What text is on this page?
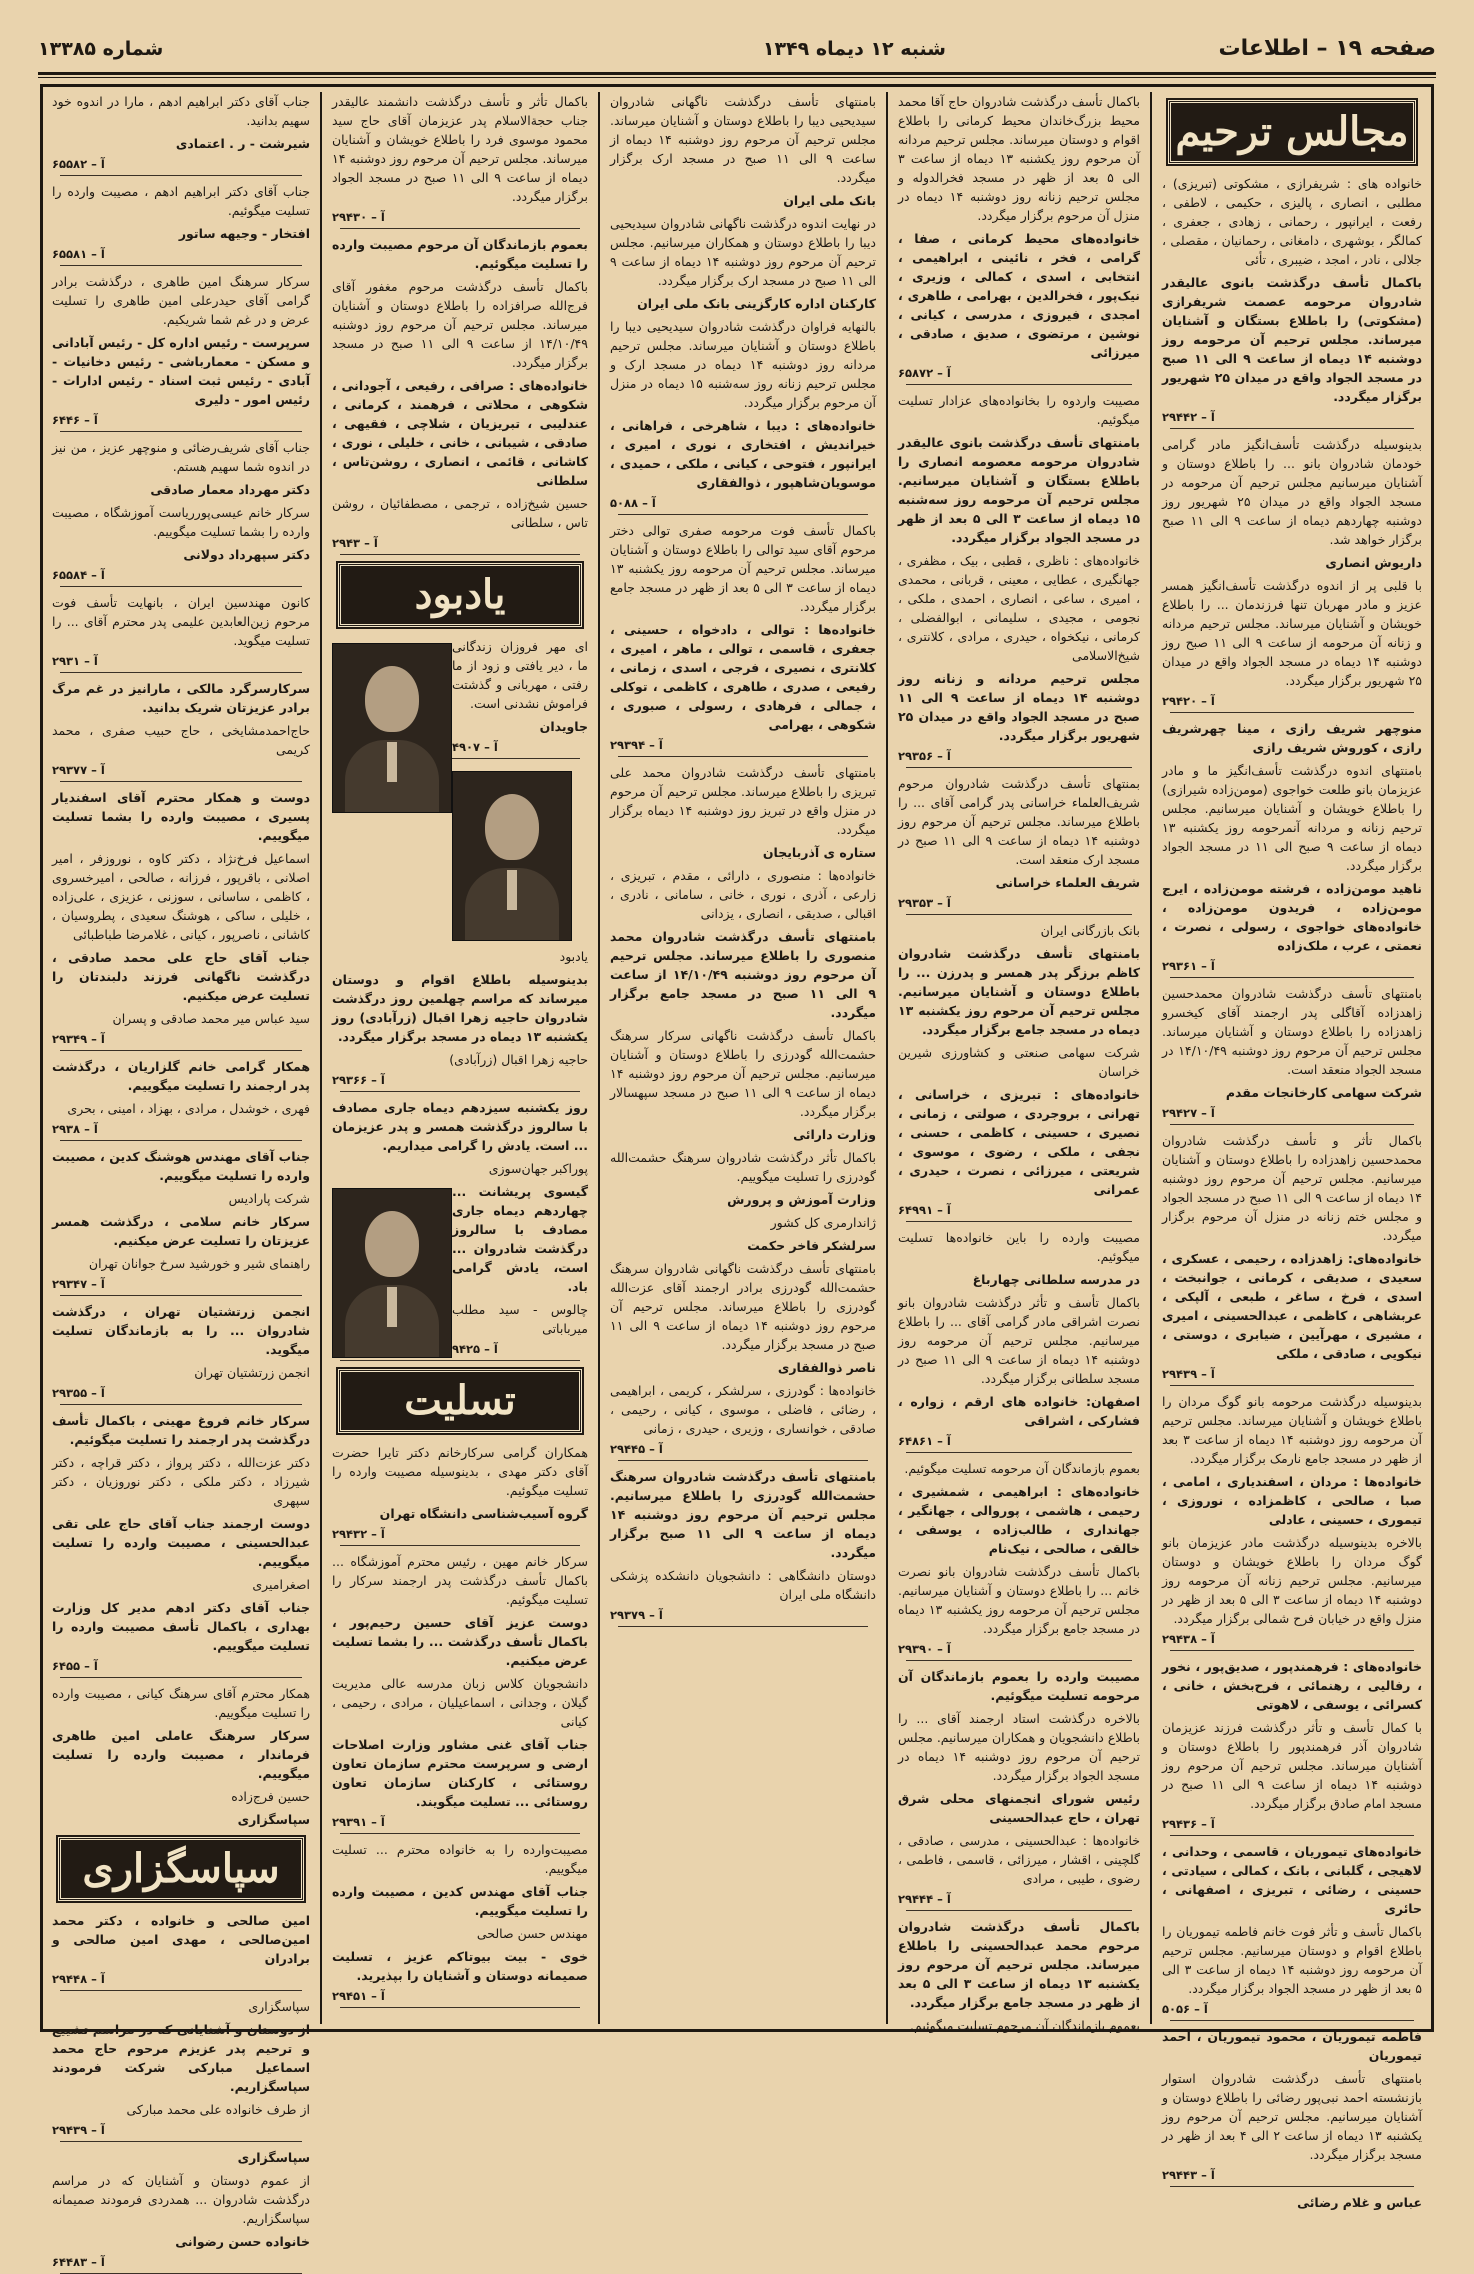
صفحه ۱۹ – اطلاعات
شنبه ۱۲ دیماه ۱۳۴۹
شماره ۱۳۳۸۵
مجالس ترحیم
خانواده های : شریفرازی ، مشکوتی (تبریزی) ، مطلبی ، انصاری ، پالیزی ، حکیمی ، لاطفی ، رفعت ، ایرانپور ، رحمانی ، زهادی ، جعفری ، کمالگر ، بوشهری ، دامغانی ، رحمانیان ، مقصلی ، جلالی ، نادر ، امجد ، ضیبری ، تأئی
باکمال تأسف درگذشت بانوی عالیقدر شادروان مرحومه عصمت شریفرازی (مشکوتی) را باطلاع بستگان و آشنایان میرساند. مجلس ترحیم آن مرحومه روز دوشنبه ۱۴ دیماه از ساعت ۹ الی ۱۱ صبح در مسجد الجواد واقع در میدان ۲۵ شهریور برگزار میگردد.
آ – ۲۹۴۴۲
بدینوسیله درگذشت تأسف‌انگیز مادر گرامی خودمان شادروان بانو ... را باطلاع دوستان و آشنایان میرسانیم مجلس ترحیم آن مرحومه در مسجد الجواد واقع در میدان ۲۵ شهریور روز دوشنبه چهاردهم دیماه از ساعت ۹ الی ۱۱ صبح برگزار خواهد شد.
داریوش انصاری
با قلبی پر از اندوه درگذشت تأسف‌انگیز همسر عزیز و مادر مهربان تنها فرزندمان ... را باطلاع خویشان و آشنایان میرساند. مجلس ترحیم مردانه و زنانه آن مرحومه از ساعت ۹ الی ۱۱ صبح روز دوشنبه ۱۴ دیماه در مسجد الجواد واقع در میدان ۲۵ شهریور برگزار میگردد.
آ – ۲۹۴۲۰
منوچهر شریف رازی ، مینا چهرشریف رازی ، کوروش شریف رازی
بامنتهای اندوه درگذشت تأسف‌انگیز ما و مادر عزیزمان بانو طلعت خواجوی (مومن‌زاده شیرازی) را باطلاع خویشان و آشنایان میرسانیم. مجلس ترحیم زنانه و مردانه آنمرحومه روز یکشنبه ۱۳ دیماه از ساعت ۹ صبح الی ۱۱ در مسجد الجواد برگزار میگردد.
ناهید مومن‌زاده ، فرشته مومن‌زاده ، ایرج مومن‌زاده ، فریدون مومن‌زاده ، خانواده‌های خواجوی ، رسولی ، نصرت ، نعمتی ، عرب ، ملک‌زاده
آ – ۲۹۳۶۱
بامنتهای تأسف درگذشت شادروان محمدحسین زاهدزاده آقاگلی پدر ارجمند آقای کیخسرو زاهدزاده را باطلاع دوستان و آشنایان میرساند. مجلس ترحیم آن مرحوم روز دوشنبه ۱۴/۱۰/۴۹ در مسجد الجواد منعقد است.
شرکت سهامی کارخانجات مقدم
آ – ۲۹۴۲۷
باکمال تأثر و تأسف درگذشت شادروان محمدحسین زاهدزاده را باطلاع دوستان و آشنایان میرسانیم. مجلس ترحیم آن مرحوم روز دوشنبه ۱۴ دیماه از ساعت ۹ الی ۱۱ صبح در مسجد الجواد و مجلس ختم زنانه در منزل آن مرحوم برگزار میگردد.
خانواده‌های: زاهدزاده ، رحیمی ، عسکری ، سعیدی ، صدیقی ، کرمانی ، جوانبخت ، اسدی ، فرخ ، ساغر ، طبعی ، آلپکی ، عربشاهی ، کاظمی ، عبدالحسینی ، امیری ، مشیری ، مهرآیین ، ضیابری ، دوستی ، نیکویی ، صادقی ، ملکی
آ – ۲۹۴۳۹
بدینوسیله درگذشت مرحومه بانو گوگ مردان را باطلاع خویشان و آشنایان میرساند. مجلس ترحیم آن مرحومه روز دوشنبه ۱۴ دیماه از ساعت ۳ بعد از ظهر در مسجد جامع نارمک برگزار میگردد.
خانواده‌ها : مردان ، اسفندیاری ، امامی ، صبا ، صالحی ، کاظمزاده ، نوروزی ، تیموری ، حسینی ، عادلی
بالاخره بدینوسیله درگذشت مادر عزیزمان بانو گوگ مردان را باطلاع خویشان و دوستان میرسانیم. مجلس ترحیم زنانه آن مرحومه روز دوشنبه ۱۴ دیماه از ساعت ۳ الی ۵ بعد از ظهر در منزل واقع در خیابان فرح شمالی برگزار میگردد.
آ – ۲۹۴۳۸
خانواده‌های : فرهمندپور ، صدیق‌پور ، نخور ، رفالیی ، رهنمائی ، فرح‌بخش ، خانی ، کسرائی ، یوسفی ، لاهوتی
با کمال تأسف و تأثر درگذشت فرزند عزیزمان شادروان آذر فرهمندپور را باطلاع دوستان و آشنایان میرساند. مجلس ترحیم آن مرحوم روز دوشنبه ۱۴ دیماه از ساعت ۹ الی ۱۱ صبح در مسجد امام صادق برگزار میگردد.
آ – ۲۹۴۳۶
خانواده‌های تیموریان ، قاسمی ، وحدانی ، لاهیجی ، گلبانی ، بانک ، کمالی ، سیادتی ، حسینی ، رضائی ، تبریزی ، اصفهانی ، حائری
باکمال تأسف و تأثر فوت خانم فاطمه تیموریان را باطلاع اقوام و دوستان میرسانیم. مجلس ترحیم آن مرحومه روز دوشنبه ۱۴ دیماه از ساعت ۳ الی ۵ بعد از ظهر در مسجد الجواد برگزار میگردد.
آ – ۵۰۵۶
فاطمه تیموریان ، محمود تیموریان ، احمد تیموریان
بامنتهای تأسف درگذشت شادروان استوار بازنشسته احمد نبی‌پور رضائی را باطلاع دوستان و آشنایان میرسانیم. مجلس ترحیم آن مرحوم روز یکشنبه ۱۳ دیماه از ساعت ۲ الی ۴ بعد از ظهر در مسجد برگزار میگردد.
آ – ۲۹۴۴۳
عباس و غلام رضائی
باکمال تأسف درگذشت شادروان حاج آقا محمد محیط بزرگ‌خاندان محیط کرمانی را باطلاع اقوام و دوستان میرساند. مجلس ترحیم مردانه آن مرحوم روز یکشنبه ۱۳ دیماه از ساعت ۳ الی ۵ بعد از ظهر در مسجد فخرالدوله و مجلس ترحیم زنانه روز دوشنبه ۱۴ دیماه در منزل آن مرحوم برگزار میگردد.
خانواده‌های محیط کرمانی ، صفا ، گرامی ، فخر ، نائینی ، ابراهیمی ، انتخابی ، اسدی ، کمالی ، وزیری ، نیک‌پور ، فخرالدین ، بهرامی ، طاهری ، امجدی ، فیروزی ، مدرسی ، کیانی ، نوشین ، مرتضوی ، صدیق ، صادقی ، میرزائی
آ – ۶۵۸۷۲
مصیبت واردوه را بخانواده‌های عزادار تسلیت میگوئیم.
بامنتهای تأسف درگذشت بانوی عالیقدر شادروان مرحومه معصومه انصاری را باطلاع بستگان و آشنایان میرسانیم. مجلس ترحیم آن مرحومه روز سه‌شنبه ۱۵ دیماه از ساعت ۳ الی ۵ بعد از ظهر در مسجد الجواد برگزار میگردد.
خانواده‌های : ناظری ، قطبی ، بیک ، مظفری ، جهانگیری ، عطایی ، معینی ، قربانی ، محمدی ، امیری ، ساعی ، انصاری ، احمدی ، ملکی ، نجومی ، مجیدی ، سلیمانی ، ابوالفضلی ، کرمانی ، نیکخواه ، حیدری ، مرادی ، کلانتری ، شیخ‌الاسلامی
مجلس ترحیم مردانه و زنانه روز دوشنبه ۱۴ دیماه از ساعت ۹ الی ۱۱ صبح در مسجد الجواد واقع در میدان ۲۵ شهریور برگزار میگردد.
آ – ۲۹۳۵۶
بمنتهای تأسف درگذشت شادروان مرحوم شریف‌العلماء خراسانی پدر گرامی آقای ... را باطلاع میرساند. مجلس ترحیم آن مرحوم روز دوشنبه ۱۴ دیماه از ساعت ۹ الی ۱۱ صبح در مسجد ارک منعقد است.
شریف العلماء خراسانی
آ – ۲۹۳۵۳
بانک بازرگانی ایران
بامنتهای تأسف درگذشت شادروان کاظم برزگر پدر همسر و پدرزن ... را باطلاع دوستان و آشنایان میرسانیم. مجلس ترحیم آن مرحوم روز یکشنبه ۱۳ دیماه در مسجد جامع برگزار میگردد.
شرکت سهامی صنعتی و کشاورزی شیرین خراسان
خانواده‌های : تبریزی ، خراسانی ، تهرانی ، بروجردی ، صولتی ، زمانی ، نصیری ، حسینی ، کاظمی ، حسنی ، نجفی ، ملکی ، رضوی ، موسوی ، شریعتی ، میرزائی ، نصرت ، حیدری ، عمرانی
آ – ۶۴۹۹۱
مصیبت وارده را باین خانواده‌ها تسلیت میگوئیم.
در مدرسه سلطانی چهارباغ
باکمال تأسف و تأثر درگذشت شادروان بانو نصرت اشراقی مادر گرامی آقای ... را باطلاع میرسانیم. مجلس ترحیم آن مرحومه روز دوشنبه ۱۴ دیماه از ساعت ۹ الی ۱۱ صبح در مسجد سلطانی برگزار میگردد.
اصفهان: خانواده های ارقم ، زواره ، فشارکی ، اشراقی
آ – ۶۴۸۶۱
بعموم بازماندگان آن مرحومه تسلیت میگوئیم.
خانواده‌های : ابراهیمی ، شمشیری ، رحیمی ، هاشمی ، پوروالی ، جهانگیر ، جهانداری ، طالب‌زاده ، یوسفی ، خالقی ، صالحی ، نیک‌نام
باکمال تأسف درگذشت شادروان بانو نصرت خانم ... را باطلاع دوستان و آشنایان میرسانیم. مجلس ترحیم آن مرحومه روز یکشنبه ۱۳ دیماه در مسجد جامع برگزار میگردد.
آ – ۲۹۳۹۰
مصیبت وارده را بعموم بازماندگان آن مرحومه تسلیت میگوئیم.
بالاخره درگذشت استاد ارجمند آقای ... را باطلاع دانشجویان و همکاران میرسانیم. مجلس ترحیم آن مرحوم روز دوشنبه ۱۴ دیماه در مسجد الجواد برگزار میگردد.
رئیس شورای انجمنهای محلی شرق تهران ، حاج عبدالحسینی
خانواده‌ها : عبدالحسینی ، مدرسی ، صادقی ، گلچینی ، اقشار ، میرزائی ، قاسمی ، فاطمی ، رضوی ، طیبی ، مرادی
آ – ۲۹۴۴۴
باکمال تأسف درگذشت شادروان مرحوم محمد عبدالحسینی را باطلاع میرساند. مجلس ترحیم آن مرحوم روز یکشنبه ۱۳ دیماه از ساعت ۳ الی ۵ بعد از ظهر در مسجد جامع برگزار میگردد.
بعموم بازماندگان آن مرحوم تسلیت میگوئیم.
بامنتهای تأسف درگذشت ناگهانی شادروان سیدیحیی دیبا را باطلاع دوستان و آشنایان میرساند. مجلس ترحیم آن مرحوم روز دوشنبه ۱۴ دیماه از ساعت ۹ الی ۱۱ صبح در مسجد ارک برگزار میگردد.
بانک ملی ایران
در نهایت اندوه درگذشت ناگهانی شادروان سیدیحیی دیبا را باطلاع دوستان و همکاران میرسانیم. مجلس ترحیم آن مرحوم روز دوشنبه ۱۴ دیماه از ساعت ۹ الی ۱۱ صبح در مسجد ارک برگزار میگردد.
کارکنان اداره کارگزینی بانک ملی ایران
بالنهایه فراوان درگذشت شادروان سیدیحیی دیبا را باطلاع دوستان و آشنایان میرساند. مجلس ترحیم مردانه روز دوشنبه ۱۴ دیماه در مسجد ارک و مجلس ترحیم زنانه روز سه‌شنبه ۱۵ دیماه در منزل آن مرحوم برگزار میگردد.
خانواده‌های : دیبا ، شاهرخی ، فراهانی ، خیراندیش ، افتخاری ، نوری ، امیری ، ایرانپور ، فتوحی ، کیانی ، ملکی ، حمیدی ، موسویان‌شاهپور ، ذوالفقاری
آ – ۵۰۸۸
باکمال تأسف فوت مرحومه صفری توالی دختر مرحوم آقای سید توالی را باطلاع دوستان و آشنایان میرساند. مجلس ترحیم آن مرحومه روز یکشنبه ۱۳ دیماه از ساعت ۳ الی ۵ بعد از ظهر در مسجد جامع برگزار میگردد.
خانواده‌ها : توالی ، دادخواه ، حسینی ، جعفری ، قاسمی ، توالی ، ماهر ، امیری ، کلانتری ، نصیری ، فرجی ، اسدی ، زمانی ، رفیعی ، صدری ، طاهری ، کاظمی ، توکلی ، جمالی ، فرهادی ، رسولی ، صبوری ، شکوهی ، بهرامی
آ – ۲۹۳۹۴
بامنتهای تأسف درگذشت شادروان محمد علی تبریزی را باطلاع میرساند. مجلس ترحیم آن مرحوم در منزل واقع در تبریز روز دوشنبه ۱۴ دیماه برگزار میگردد.
ستاره ی آذربایجان
خانواده‌ها : منصوری ، دارائی ، مقدم ، تبریزی ، زارعی ، آذری ، نوری ، خانی ، سامانی ، نادری ، اقبالی ، صدیقی ، انصاری ، یزدانی
بامنتهای تأسف درگذشت شادروان محمد منصوری را باطلاع میرساند. مجلس ترحیم آن مرحوم روز دوشنبه ۱۴/۱۰/۴۹ از ساعت ۹ الی ۱۱ صبح در مسجد جامع برگزار میگردد.
باکمال تأسف درگذشت ناگهانی سرکار سرهنگ حشمت‌الله گودرزی را باطلاع دوستان و آشنایان میرسانیم. مجلس ترحیم آن مرحوم روز دوشنبه ۱۴ دیماه از ساعت ۹ الی ۱۱ صبح در مسجد سپهسالار برگزار میگردد.
وزارت دارائی
باکمال تأثر درگذشت شادروان سرهنگ حشمت‌الله گودرزی را تسلیت میگوییم.
وزارت آموزش و پرورش
ژاندارمری کل کشور
سرلشکر فاخر حکمت
بامنتهای تأسف درگذشت ناگهانی شادروان سرهنگ حشمت‌الله گودرزی برادر ارجمند آقای عزت‌الله گودرزی را باطلاع میرساند. مجلس ترحیم آن مرحوم روز دوشنبه ۱۴ دیماه از ساعت ۹ الی ۱۱ صبح در مسجد برگزار میگردد.
ناصر ذوالفقاری
خانواده‌ها : گودرزی ، سرلشکر ، کریمی ، ابراهیمی ، رضائی ، فاضلی ، موسوی ، کیانی ، رحیمی ، صادقی ، خوانساری ، وزیری ، حیدری ، زمانی
آ – ۲۹۴۴۵
بامنتهای تأسف درگذشت شادروان سرهنگ حشمت‌الله گودرزی را باطلاع میرسانیم. مجلس ترحیم آن مرحوم روز دوشنبه ۱۴ دیماه از ساعت ۹ الی ۱۱ صبح برگزار میگردد.
دوستان دانشگاهی : دانشجویان دانشکده پزشکی دانشگاه ملی ایران
آ – ۲۹۳۷۹
باکمال تأثر و تأسف درگذشت دانشمند عالیقدر جناب حجةالاسلام پدر عزیزمان آقای حاج سید محمود موسوی فرد را باطلاع خویشان و آشنایان میرساند. مجلس ترحیم آن مرحوم روز دوشنبه ۱۴ دیماه از ساعت ۹ الی ۱۱ صبح در مسجد الجواد برگزار میگردد.
آ – ۲۹۴۳۰
بعموم بازماندگان آن مرحوم مصیبت وارده را تسلیت میگوئیم.
باکمال تأسف درگذشت مرحوم مغفور آقای فرج‌الله صرافزاده را باطلاع دوستان و آشنایان میرساند. مجلس ترحیم آن مرحوم روز دوشنبه ۱۴/۱۰/۴۹ از ساعت ۹ الی ۱۱ صبح در مسجد برگزار میگردد.
خانواده‌های : صرافی ، رفیعی ، آجودانی ، شکوهی ، محلاتی ، فرهمند ، کرمانی ، عندلیبی ، تبریزیان ، شلاچی ، فقیهی ، صادقی ، شیبانی ، خانی ، خلیلی ، نوری ، کاشانی ، قائمی ، انصاری ، روشن‌تاس ، سلطانی
حسین شیخ‌زاده ، ترجمی ، مصطفائیان ، روشن تاس ، سلطانی
آ – ۲۹۴۳
یادبود
ای مهر فروزان زندگانی ما ، دیر یافتی و زود از ما رفتی ، مهربانی و گذشتت فراموش نشدنی است.
جاویدان
آ – ۴۹۰۷
یادبود
بدینوسیله باطلاع اقوام و دوستان میرساند که مراسم چهلمین روز درگذشت شادروان حاجیه زهرا اقبال (زرآبادی) روز یکشنبه ۱۳ دیماه در مسجد برگزار میگردد.
حاجیه زهرا اقبال (زرآبادی)
آ – ۲۹۳۶۶
روز یکشنبه سیزدهم دیماه جاری مصادف با سالروز درگذشت همسر و پدر عزیزمان ... است. یادش را گرامی میداریم.
پوراکبر جهان‌سوزی
گیسوی پریشانت ... چهاردهم دیماه جاری مصادف با سالروز درگذشت شادروان ... است، یادش گرامی باد.
چالوس - سید مطلب میرباباتی
آ – ۹۴۲۵
تسلیت
همکاران گرامی سرکارخانم دکتر تایرا حضرت آقای دکتر مهدی ، بدینوسیله مصیبت وارده را تسلیت میگوئیم.
گروه آسیب‌شناسی دانشگاه تهران
آ – ۲۹۴۳۲
سرکار خانم مهین ، رئیس محترم آموزشگاه ... باکمال تأسف درگذشت پدر ارجمند سرکار را تسلیت میگوئیم.
دوست عزیز آقای حسین رحیم‌پور ، باکمال تأسف درگذشت ... را بشما تسلیت عرض میکنیم.
دانشجویان کلاس زبان مدرسه عالی مدیریت گیلان ، وجدانی ، اسماعیلیان ، مرادی ، رحیمی ، کیانی
جناب آقای غنی مشاور وزارت اصلاحات ارضی و سرپرست محترم سازمان تعاون روستائی ، کارکنان سازمان تعاون روستائی ... تسلیت میگویند.
آ – ۲۹۳۹۱
مصیبت‌وارده را به خانواده محترم ... تسلیت میگوییم.
جناب آقای مهندس کدین ، مصیبت وارده را تسلیت میگوییم.
مهندس حسن صالحی
خوی - بیت بیوتاکم عزیز ، تسلیت صمیمانه دوستان و آشنایان را بپذیرید.
آ – ۲۹۴۵۱
جناب آقای دکتر ابراهیم ادهم ، مارا در اندوه خود سهیم بدانید.
شیرشت - ر . اعتمادی
آ – ۶۵۵۸۲
جناب آقای دکتر ابراهیم ادهم ، مصیبت وارده را تسلیت میگوئیم.
افتخار - وجیهه ساتور
آ – ۶۵۵۸۱
سرکار سرهنگ امین طاهری ، درگذشت برادر گرامی آقای حیدرعلی امین طاهری را تسلیت عرض و در غم شما شریکیم.
سرپرست - رئیس اداره کل - رئیس آبادانی و مسکن - معمارباشی - رئیس دخانیات - آبادی - رئیس ثبت اسناد - رئیس ادارات - رئیس امور - دلیری
آ – ۶۴۴۶
جناب آقای شریف‌رضائی و منوچهر عزیز ، من نیز در اندوه شما سهیم هستم.
دکتر مهرداد معمار صادقی
سرکار خانم عیسی‌پور‌ریاست آموزشگاه ، مصیبت وارده را بشما تسلیت میگوییم.
دکتر سپهرداد دولانی
آ – ۶۵۵۸۴
کانون مهندسین ایران ، بانهایت تأسف فوت مرحوم زین‌العابدین علیمی پدر محترم آقای ... را تسلیت میگوید.
آ – ۲۹۳۱
سرکارسرگرد مالکی ، مارانیز در غم مرگ برادر عزیزتان شریک بدانید.
حاج‌احمدمشایخی ، حاج حبیب صفری ، محمد کریمی
آ – ۲۹۳۷۷
دوست و همکار محترم آقای اسفندیار پسیری ، مصیبت وارده را بشما تسلیت میگوییم.
اسماعیل فرخ‌نژاد ، دکتر کاوه ، نوروزفر ، امیر اصلانی ، باقرپور ، فرزانه ، صالحی ، امیرخسروی ، کاظمی ، ساسانی ، سوزنی ، عزیزی ، علی‌زاده ، خلیلی ، ساکی ، هوشنگ سعیدی ، پطروسیان ، کاشانی ، ناصرپور ، کیانی ، غلامرضا طباطبائی
جناب آقای حاج علی محمد صادقی ، درگذشت ناگهانی فرزند دلبندتان را تسلیت عرض میکنیم.
سید عباس میر محمد صادقی و پسران
آ – ۲۹۳۴۹
همکار گرامی خانم گلزاریان ، درگذشت پدر ارجمند را تسلیت میگوییم.
فهری ، خوشدل ، مرادی ، بهزاد ، امینی ، بحری
آ – ۲۹۳۸
جناب آقای مهندس هوشنگ کدین ، مصیبت وارده را تسلیت میگوییم.
شرکت پارادیس
سرکار خانم سلامی ، درگذشت همسر عزیزتان را تسلیت عرض میکنیم.
راهنمای شیر و خورشید سرخ جوانان تهران
آ – ۲۹۳۴۷
انجمن زرتشتیان تهران ، درگذشت شادروان ... را به بازماندگان تسلیت میگوید.
انجمن زرتشتیان تهران
آ – ۲۹۳۵۵
سرکار خانم فروغ مهینی ، باکمال تأسف درگذشت پدر ارجمند را تسلیت میگوئیم.
دکتر عزت‌الله ، دکتر پرواز ، دکتر قراچه ، دکتر شیرزاد ، دکتر ملکی ، دکتر نوروزیان ، دکتر سپهری
دوست ارجمند جناب آقای حاج علی تقی عبدالحسینی ، مصیبت وارده را تسلیت میگوییم.
اصغرامیری
جناب آقای دکتر ادهم مدیر کل وزارت بهداری ، باکمال تأسف مصیبت وارده را تسلیت میگوییم.
آ – ۶۴۵۵
همکار محترم آقای سرهنگ کیانی ، مصیبت وارده را تسلیت میگوییم.
سرکار سرهنگ عاملی امین طاهری فرماندار ، مصیبت وارده را تسلیت میگوییم.
حسین فرج‌زاده
سپاسگزاری
سپاسگزاری
امین صالحی و خانواده ، دکتر محمد امین‌صالحی ، مهدی امین صالحی و برادران
آ – ۲۹۴۴۸
سپاسگزاری
از دوستان و آشنایانی که در مراسم تشییع و ترحیم پدر عزیزم مرحوم حاج محمد اسماعیل مبارکی شرکت فرمودند سپاسگزاریم.
از طرف خانواده علی محمد مبارکی
آ – ۲۹۴۳۹
سپاسگزاری
از عموم دوستان و آشنایان که در مراسم درگذشت شادروان ... همدردی فرمودند صمیمانه سپاسگزاریم.
خانواده حسن رضوانی
آ – ۶۴۴۸۳
